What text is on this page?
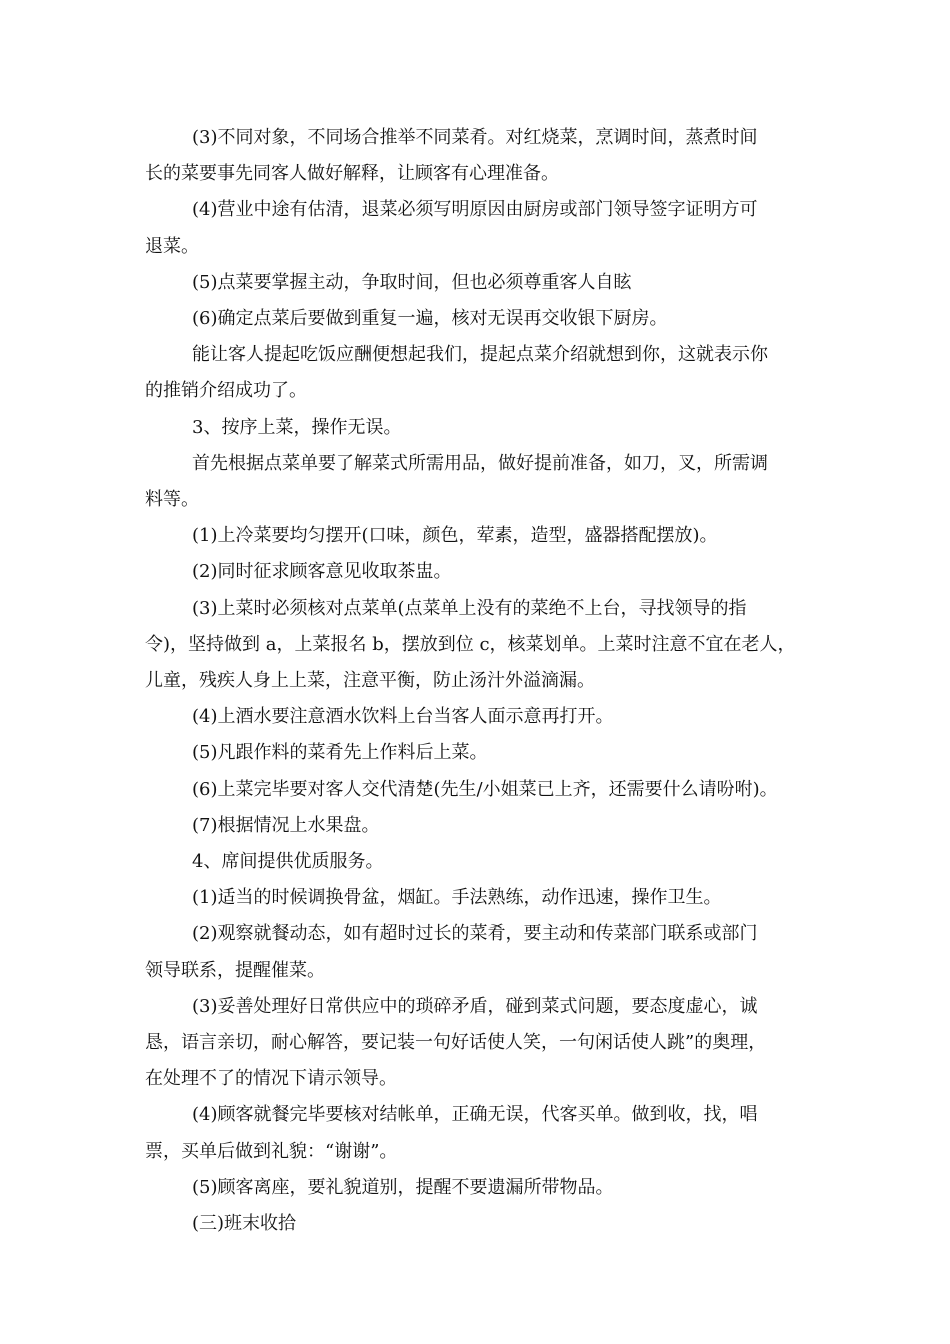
(3)不同对象，不同场合推举不同菜肴。对红烧菜，烹调时间，蒸煮时间
长的菜要事先同客人做好解释，让顾客有心理准备。
(4)营业中途有估清，退菜必须写明原因由厨房或部门领导签字证明方可
退菜。
(5)点菜要掌握主动，争取时间，但也必须尊重客人自眩
(6)确定点菜后要做到重复一遍，核对无误再交收银下厨房。
能让客人提起吃饭应酬便想起我们，提起点菜介绍就想到你，这就表示你
的推销介绍成功了。
3、按序上菜，操作无误。
首先根据点菜单要了解菜式所需用品，做好提前准备，如刀，叉，所需调
料等。
(1)上冷菜要均匀摆开(口味，颜色，荤素，造型，盛器搭配摆放)。
(2)同时征求顾客意见收取茶盅。
(3)上菜时必须核对点菜单(点菜单上没有的菜绝不上台，寻找领导的指
令)，坚持做到 a，上菜报名 b，摆放到位 c，核菜划单。上菜时注意不宜在老人，
儿童，残疾人身上上菜，注意平衡，防止汤汁外溢滴漏。
(4)上酒水要注意酒水饮料上台当客人面示意再打开。
(5)凡跟作料的菜肴先上作料后上菜。
(6)上菜完毕要对客人交代清楚(先生/小姐菜已上齐，还需要什么请吩咐)。
(7)根据情况上水果盘。
4、席间提供优质服务。
(1)适当的时候调换骨盆，烟缸。手法熟练，动作迅速，操作卫生。
(2)观察就餐动态，如有超时过长的菜肴，要主动和传菜部门联系或部门
领导联系，提醒催菜。
(3)妥善处理好日常供应中的琐碎矛盾，碰到菜式问题，要态度虚心，诚
恳，语言亲切，耐心解答，要记装一句好话使人笑，一句闲话使人跳”的奥理，
在处理不了的情况下请示领导。
(4)顾客就餐完毕要核对结帐单，正确无误，代客买单。做到收，找，唱
票，买单后做到礼貌：“谢谢”。
(5)顾客离座，要礼貌道别，提醒不要遗漏所带物品。
(三)班末收拾
